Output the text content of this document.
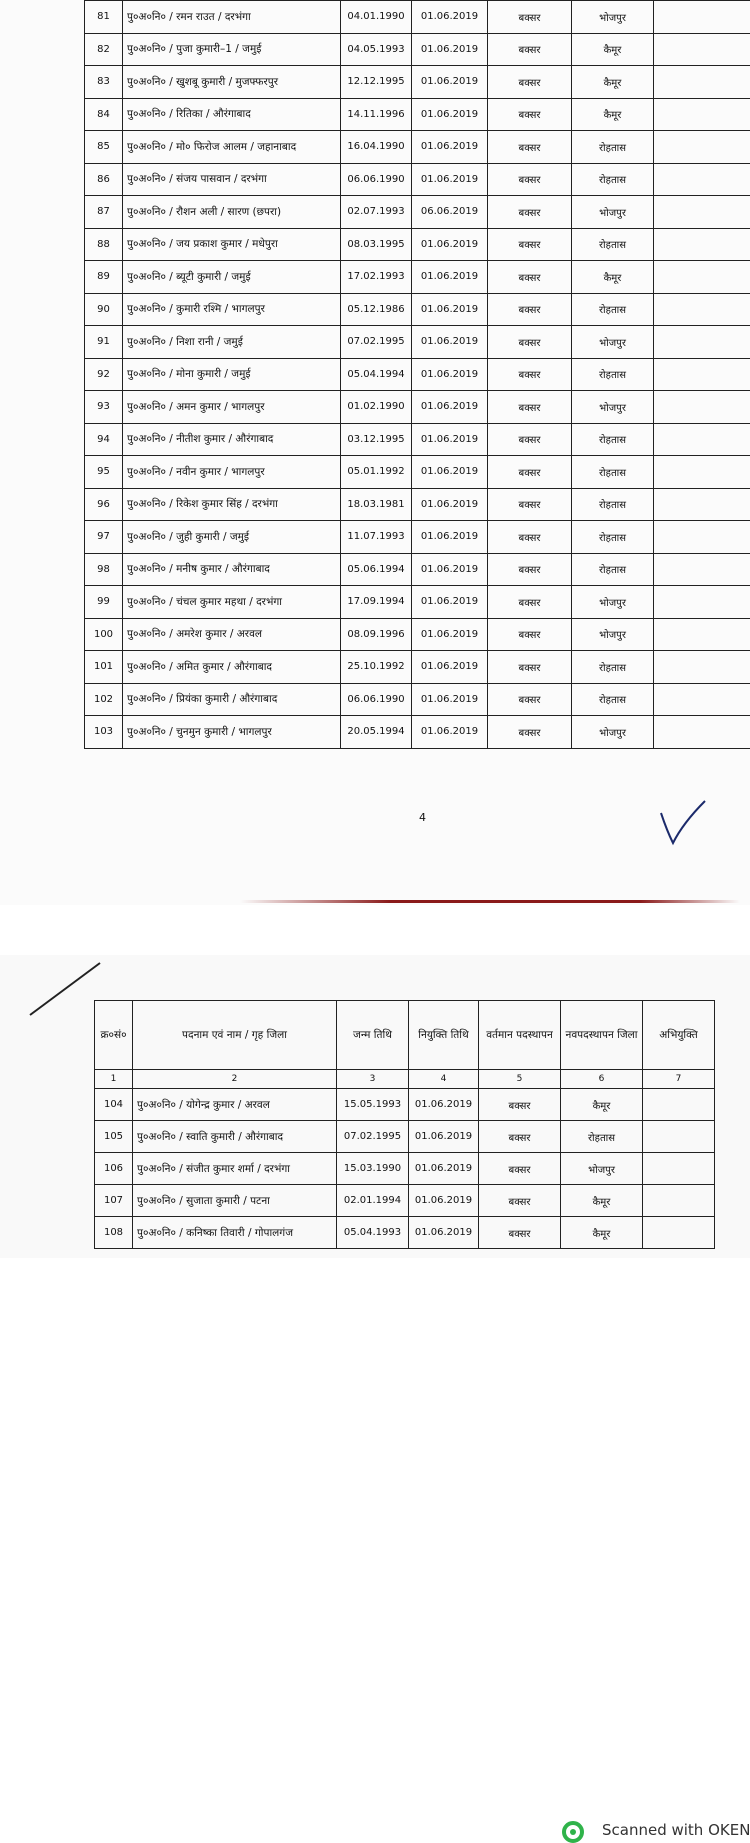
81	पु०अ०नि० / रमन राउत / दरभंगा	04.01.1990	01.06.2019	बक्सर	भोजपुर	
82	पु०अ०नि० / पुजा कुमारी–1 / जमुई	04.05.1993	01.06.2019	बक्सर	कैमूर	
83	पु०अ०नि० / खुशबू कुमारी / मुजफ्फरपुर	12.12.1995	01.06.2019	बक्सर	कैमूर	
84	पु०अ०नि० / रितिका / औरंगाबाद	14.11.1996	01.06.2019	बक्सर	कैमूर	
85	पु०अ०नि० / मो० फिरोज आलम / जहानाबाद	16.04.1990	01.06.2019	बक्सर	रोहतास	
86	पु०अ०नि० / संजय पासवान / दरभंगा	06.06.1990	01.06.2019	बक्सर	रोहतास	
87	पु०अ०नि० / रौशन अली / सारण (छपरा)	02.07.1993	06.06.2019	बक्सर	भोजपुर	
88	पु०अ०नि० / जय प्रकाश कुमार / मधेपुरा	08.03.1995	01.06.2019	बक्सर	रोहतास	
89	पु०अ०नि० / ब्यूटी कुमारी / जमुई	17.02.1993	01.06.2019	बक्सर	कैमूर	
90	पु०अ०नि० / कुमारी रश्मि / भागलपुर	05.12.1986	01.06.2019	बक्सर	रोहतास	
91	पु०अ०नि० / निशा रानी / जमुई	07.02.1995	01.06.2019	बक्सर	भोजपुर	
92	पु०अ०नि० / मोना कुमारी / जमुई	05.04.1994	01.06.2019	बक्सर	रोहतास	
93	पु०अ०नि० / अमन कुमार / भागलपुर	01.02.1990	01.06.2019	बक्सर	भोजपुर	
94	पु०अ०नि० / नीतीश कुमार / औरंगाबाद	03.12.1995	01.06.2019	बक्सर	रोहतास	
95	पु०अ०नि० / नवीन कुमार / भागलपुर	05.01.1992	01.06.2019	बक्सर	रोहतास	
96	पु०अ०नि० / रिकेश कुमार सिंह / दरभंगा	18.03.1981	01.06.2019	बक्सर	रोहतास	
97	पु०अ०नि० / जुही कुमारी / जमुई	11.07.1993	01.06.2019	बक्सर	रोहतास	
98	पु०अ०नि० / मनीष कुमार / औरंगाबाद	05.06.1994	01.06.2019	बक्सर	रोहतास	
99	पु०अ०नि० / चंचल कुमार महथा / दरभंगा	17.09.1994	01.06.2019	बक्सर	भोजपुर	
100	पु०अ०नि० / अमरेश कुमार / अरवल	08.09.1996	01.06.2019	बक्सर	भोजपुर	
101	पु०अ०नि० / अमित कुमार / औरंगाबाद	25.10.1992	01.06.2019	बक्सर	रोहतास	
102	पु०अ०नि० / प्रियंका कुमारी / औरंगाबाद	06.06.1990	01.06.2019	बक्सर	रोहतास	
103	पु०अ०नि० / चुनमुन कुमारी / भागलपुर	20.05.1994	01.06.2019	बक्सर	भोजपुर	
4
Scanned with OKEN
क्र०सं०	पदनाम एवं नाम / गृह जिला	जन्म तिथि	नियुक्ति तिथि	वर्तमान पदस्थापन	नवपदस्थापन जिला	अभियुक्ति
1	2	3	4	5	6	7
104	पु०अ०नि० / योगेन्द्र कुमार / अरवल	15.05.1993	01.06.2019	बक्सर	कैमूर	
105	पु०अ०नि० / स्वाति कुमारी / औरंगाबाद	07.02.1995	01.06.2019	बक्सर	रोहतास	
106	पु०अ०नि० / संजीत कुमार शर्मा / दरभंगा	15.03.1990	01.06.2019	बक्सर	भोजपुर	
107	पु०अ०नि० / सुजाता कुमारी / पटना	02.01.1994	01.06.2019	बक्सर	कैमूर	
108	पु०अ०नि० / कनिष्का तिवारी / गोपालगंज	05.04.1993	01.06.2019	बक्सर	कैमूर	
